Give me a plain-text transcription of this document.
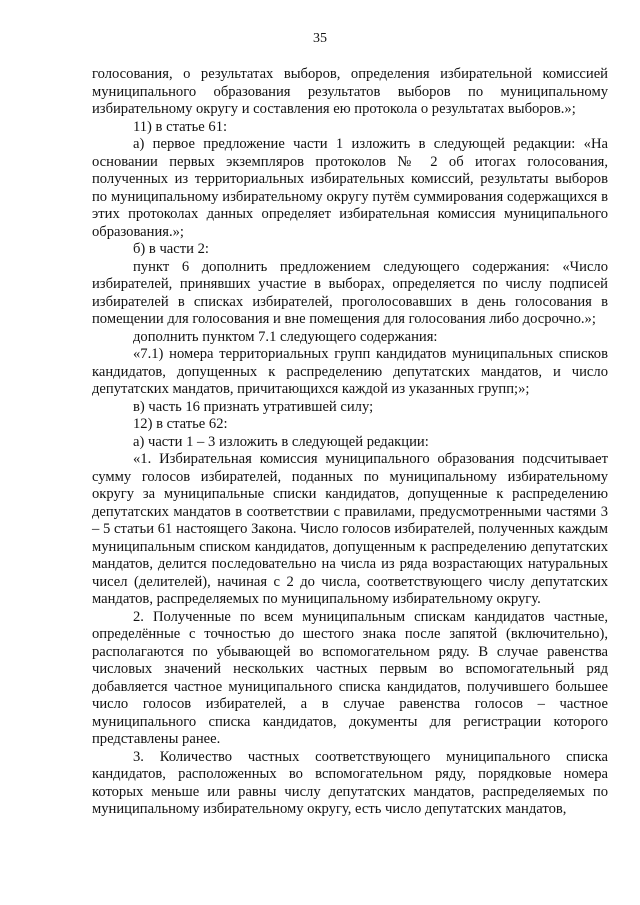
35

голосования, о результатах выборов, определения избирательной комиссией муниципального образования результатов выборов по муниципальному избирательному округу и составления ею протокола о результатах выборов.»;

11) в статье 61:

а) первое предложение части 1 изложить в следующей редакции: «На основании первых экземпляров протоколов № 2 об итогах голосования, полученных из территориальных избирательных комиссий, результаты выборов по муниципальному избирательному округу путём суммирования содержащихся в этих протоколах данных определяет избирательная комиссия муниципального образования.»;

б) в части 2:

пункт 6 дополнить предложением следующего содержания: «Число избирателей, принявших участие в выборах, определяется по числу подписей избирателей в списках избирателей, проголосовавших в день голосования в помещении для голосования и вне помещения для голосования либо досрочно.»;

дополнить пунктом 7.1 следующего содержания:

«7.1) номера территориальных групп кандидатов муниципальных списков кандидатов, допущенных к распределению депутатских мандатов, и число депутатских мандатов, причитающихся каждой из указанных групп;»;

в) часть 16 признать утратившей силу;

12) в статье 62:

а) части 1 – 3 изложить в следующей редакции:

«1. Избирательная комиссия муниципального образования подсчитывает сумму голосов избирателей, поданных по муниципальному избирательному округу за муниципальные списки кандидатов, допущенные к распределению депутатских мандатов в соответствии с правилами, предусмотренными частями 3 – 5 статьи 61 настоящего Закона. Число голосов избирателей, полученных каждым муниципальным списком кандидатов, допущенным к распределению депутатских мандатов, делится последовательно на числа из ряда возрастающих натуральных чисел (делителей), начиная с 2 до числа, соответствующего числу депутатских мандатов, распределяемых по муниципальному избирательному округу.

2. Полученные по всем муниципальным спискам кандидатов частные, определённые с точностью до шестого знака после запятой (включительно), располагаются по убывающей во вспомогательном ряду. В случае равенства числовых значений нескольких частных первым во вспомогательный ряд добавляется частное муниципального списка кандидатов, получившего большее число голосов избирателей, а в случае равенства голосов – частное муниципального списка кандидатов, документы для регистрации которого представлены ранее.

3. Количество частных соответствующего муниципального списка кандидатов, расположенных во вспомогательном ряду, порядковые номера которых меньше или равны числу депутатских мандатов, распределяемых по муниципальному избирательному округу, есть число депутатских мандатов,
